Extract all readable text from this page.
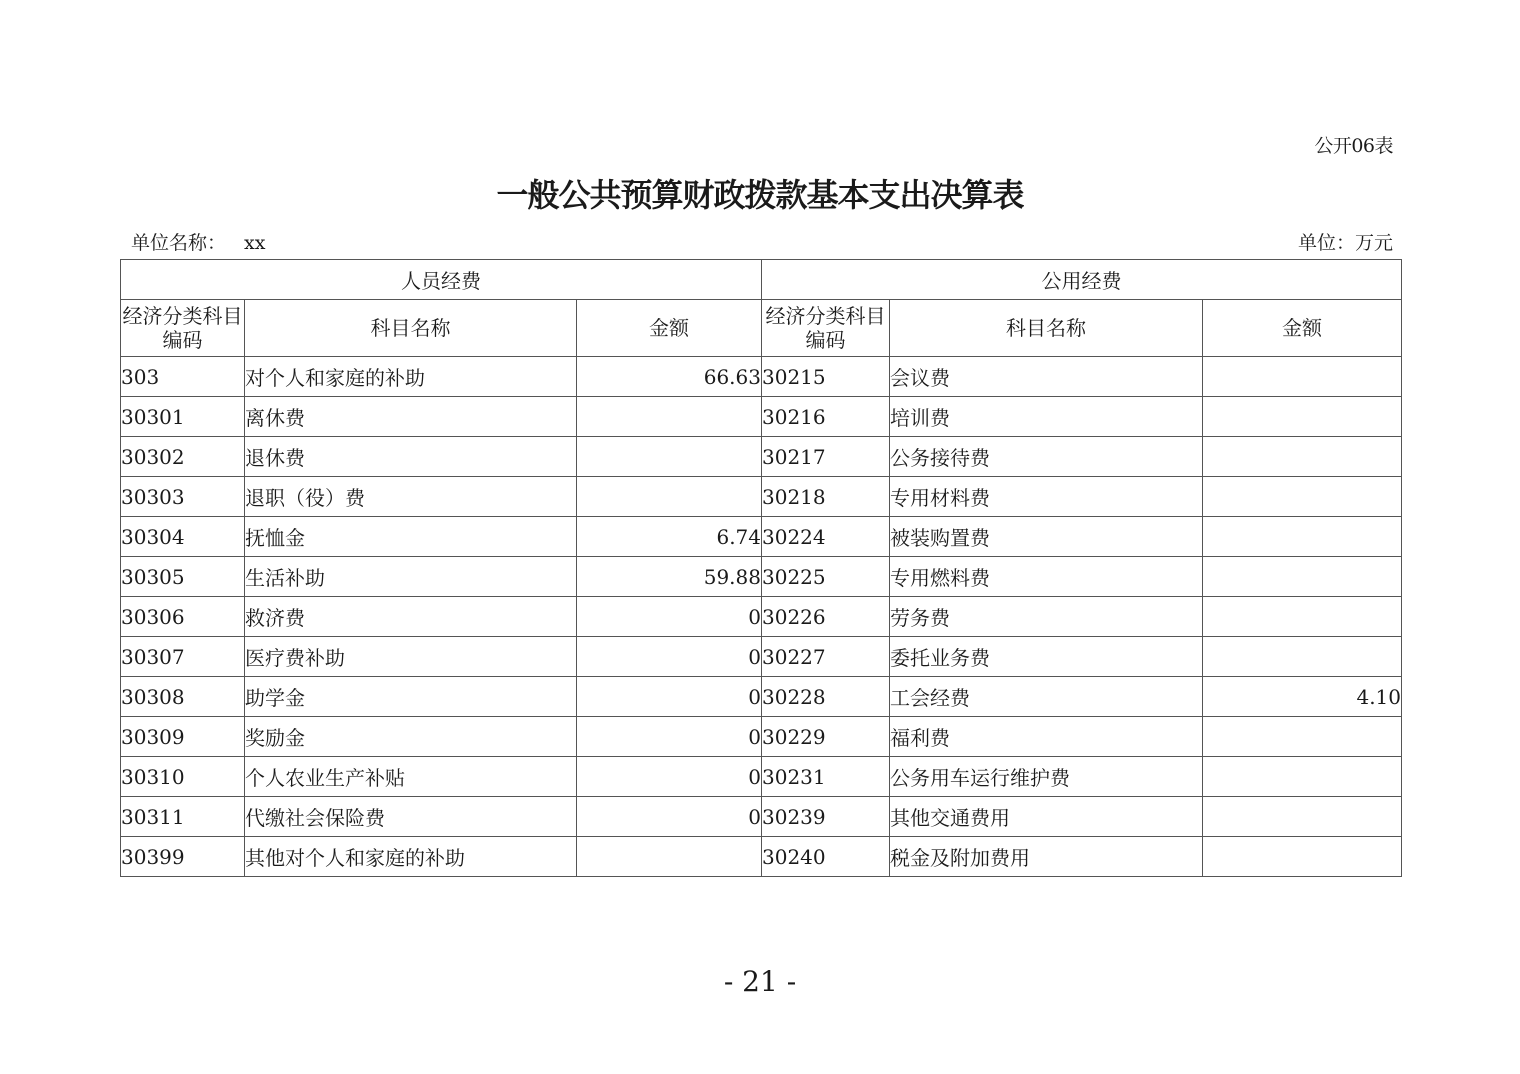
公开06表
一般公共预算财政拨款基本支出决算表
单位名称： xx	单位：万元
人员经费			公用经费		
经济分类科目编码	科目名称	金额	经济分类科目编码	科目名称	金额
303	对个人和家庭的补助	66.63	30215	会议费	
30301	离休费		30216	培训费	
30302	退休费		30217	公务接待费	
30303	退职（役）费		30218	专用材料费	
30304	抚恤金	6.74	30224	被装购置费	
30305	生活补助	59.88	30225	专用燃料费	
30306	救济费	0	30226	劳务费	
30307	医疗费补助	0	30227	委托业务费	
30308	助学金	0	30228	工会经费	4.10
30309	奖励金	0	30229	福利费	
30310	个人农业生产补贴	0	30231	公务用车运行维护费	
30311	代缴社会保险费	0	30239	其他交通费用	
30399	其他对个人和家庭的补助		30240	税金及附加费用	
- 21 -
